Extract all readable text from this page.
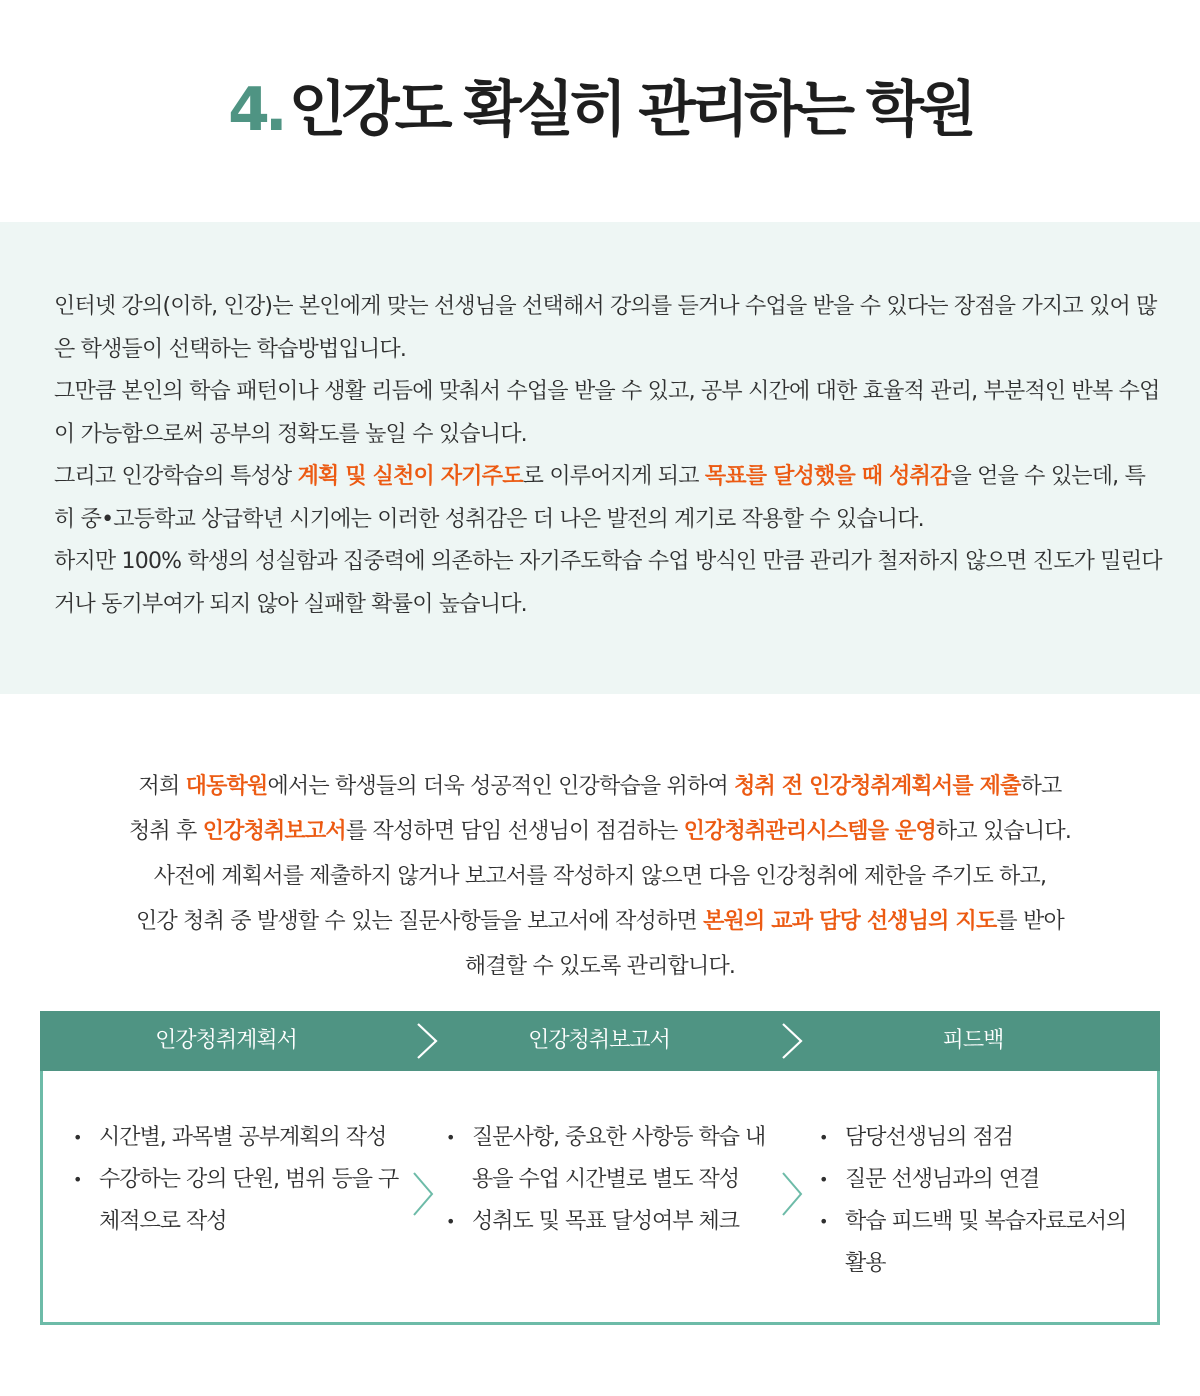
4. 인강도 확실히 관리하는 학원

인터넷 강의(이하, 인강)는 본인에게 맞는 선생님을 선택해서 강의를 듣거나 수업을 받을 수 있다는 장점을 가지고 있어 많은 학생들이 선택하는 학습방법입니다.

그만큼 본인의 학습 패턴이나 생활 리듬에 맞춰서 수업을 받을 수 있고, 공부 시간에 대한 효율적 관리, 부분적인 반복 수업이 가능함으로써 공부의 정확도를 높일 수 있습니다.

그리고 인강학습의 특성상 계획 및 실천이 자기주도로 이루어지게 되고 목표를 달성했을 때 성취감을 얻을 수 있는데, 특히 중•고등학교 상급학년 시기에는 이러한 성취감은 더 나은 발전의 계기로 작용할 수 있습니다.

하지만 100% 학생의 성실함과 집중력에 의존하는 자기주도학습 수업 방식인 만큼 관리가 철저하지 않으면 진도가 밀린다거나 동기부여가 되지 않아 실패할 확률이 높습니다.

저희 대동학원에서는 학생들의 더욱 성공적인 인강학습을 위하여 청취 전 인강청취계획서를 제출하고

청취 후 인강청취보고서를 작성하면 담임 선생님이 점검하는 인강청취관리시스템을 운영하고 있습니다.

사전에 계획서를 제출하지 않거나 보고서를 작성하지 않으면 다음 인강청취에 제한을 주기도 하고,

인강 청취 중 발생할 수 있는 질문사항들을 보고서에 작성하면 본원의 교과 담당 선생님의 지도를 받아

해결할 수 있도록 관리합니다.

인강청취계획서	인강청취보고서	피드백
• 시간별, 과목별 공부계획의 작성
• 수강하는 강의 단원, 범위 등을 구체적으로 작성
• 질문사항, 중요한 사항등 학습 내용을 수업 시간별로 별도 작성
• 성취도 및 목표 달성여부 체크
• 담당선생님의 점검
• 질문 선생님과의 연결
• 학습 피드백 및 복습자료로서의 활용
